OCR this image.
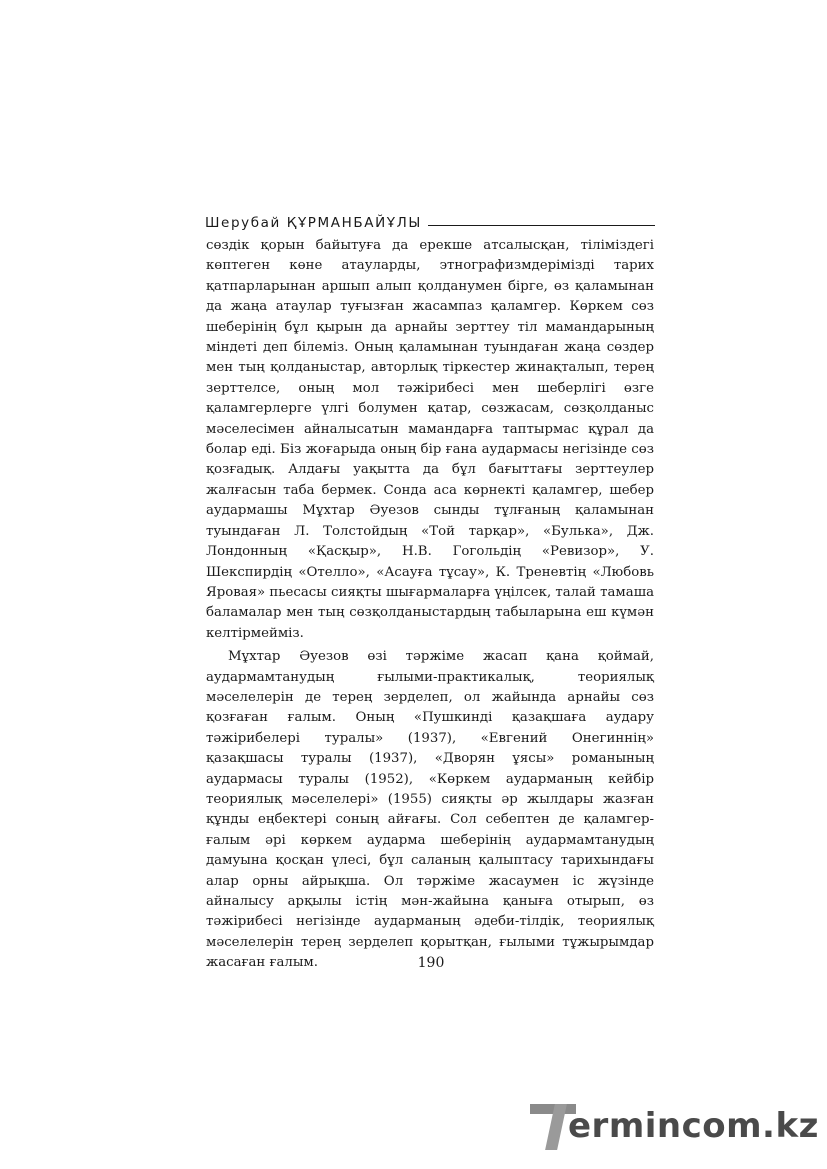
Шерубай ҚҰРМАНБАЙҰЛЫ

сөздік қорын байытуға да ерекше атсалысқан, тіліміздегі көптеген көне атауларды, этнографизмдерімізді тарих қатпарларынан аршып алып қолданумен бірге, өз қаламынан да жаңа атаулар туғызған жасампаз қаламгер. Көркем сөз шеберінің бұл қырын да арнайы зерттеу тіл мамандарының міндеті деп білеміз. Оның қаламынан туындаған жаңа сөздер мен тың қолданыстар, авторлық тіркестер жинақталып, терең зерттелсе, оның мол тәжірибесі мен шеберлігі өзге қаламгерлерге үлгі болумен қатар, сөзжасам, сөзқолданыс мәселесімен айналысатын мамандарға таптырмас құрал да болар еді. Біз жоғарыда оның бір ғана аудармасы негізінде сөз қозғадық. Алдағы уақытта да бұл бағыттағы зерттеулер жалғасын таба бермек. Сонда аса көрнекті қаламгер, шебер аудармашы Мұхтар Әуезов сынды тұлғаның қаламынан туындаған Л. Толстойдың «Той тарқар», «Булька», Дж. Лондонның «Қасқыр», Н.В. Гогольдің «Ревизор», У. Шекспирдің «Отелло», «Асауға тұсау», К. Треневтің «Любовь Яровая» пьесасы сияқты шығармаларға үңілсек, талай тамаша баламалар мен тың сөзқолданыстардың табыларына еш күмән келтірмейміз.

Мұхтар Әуезов өзі тәржіме жасап қана қоймай, аудармамтанудың ғылыми-практикалық, теориялық мәселелерін де терең зерделеп, ол жайында арнайы сөз қозғаған ғалым. Оның «Пушкинді қазақшаға аудару тәжірибелері туралы» (1937), «Евгений Онегиннің» қазақшасы туралы (1937), «Дворян ұясы» романының аудармасы туралы (1952), «Көркем аударманың кейбір теориялық мәселелері» (1955) сияқты әр жылдары жазған құнды еңбектері соның айғағы. Сол себептен де қаламгер-ғалым әрі көркем аударма шеберінің аудармамтанудың дамуына қосқан үлесі, бұл саланың қалыптасу тарихындағы алар орны айрықша. Ол тәржіме жасаумен іс жүзінде айналысу арқылы істің мән-жайына қаныға отырып, өз тәжірибесі негізінде аударманың әдеби-тілдік, теориялық мәселелерін терең зерделеп қорытқан, ғылыми тұжырымдар жасаған ғалым.	190
ermincom.kz
